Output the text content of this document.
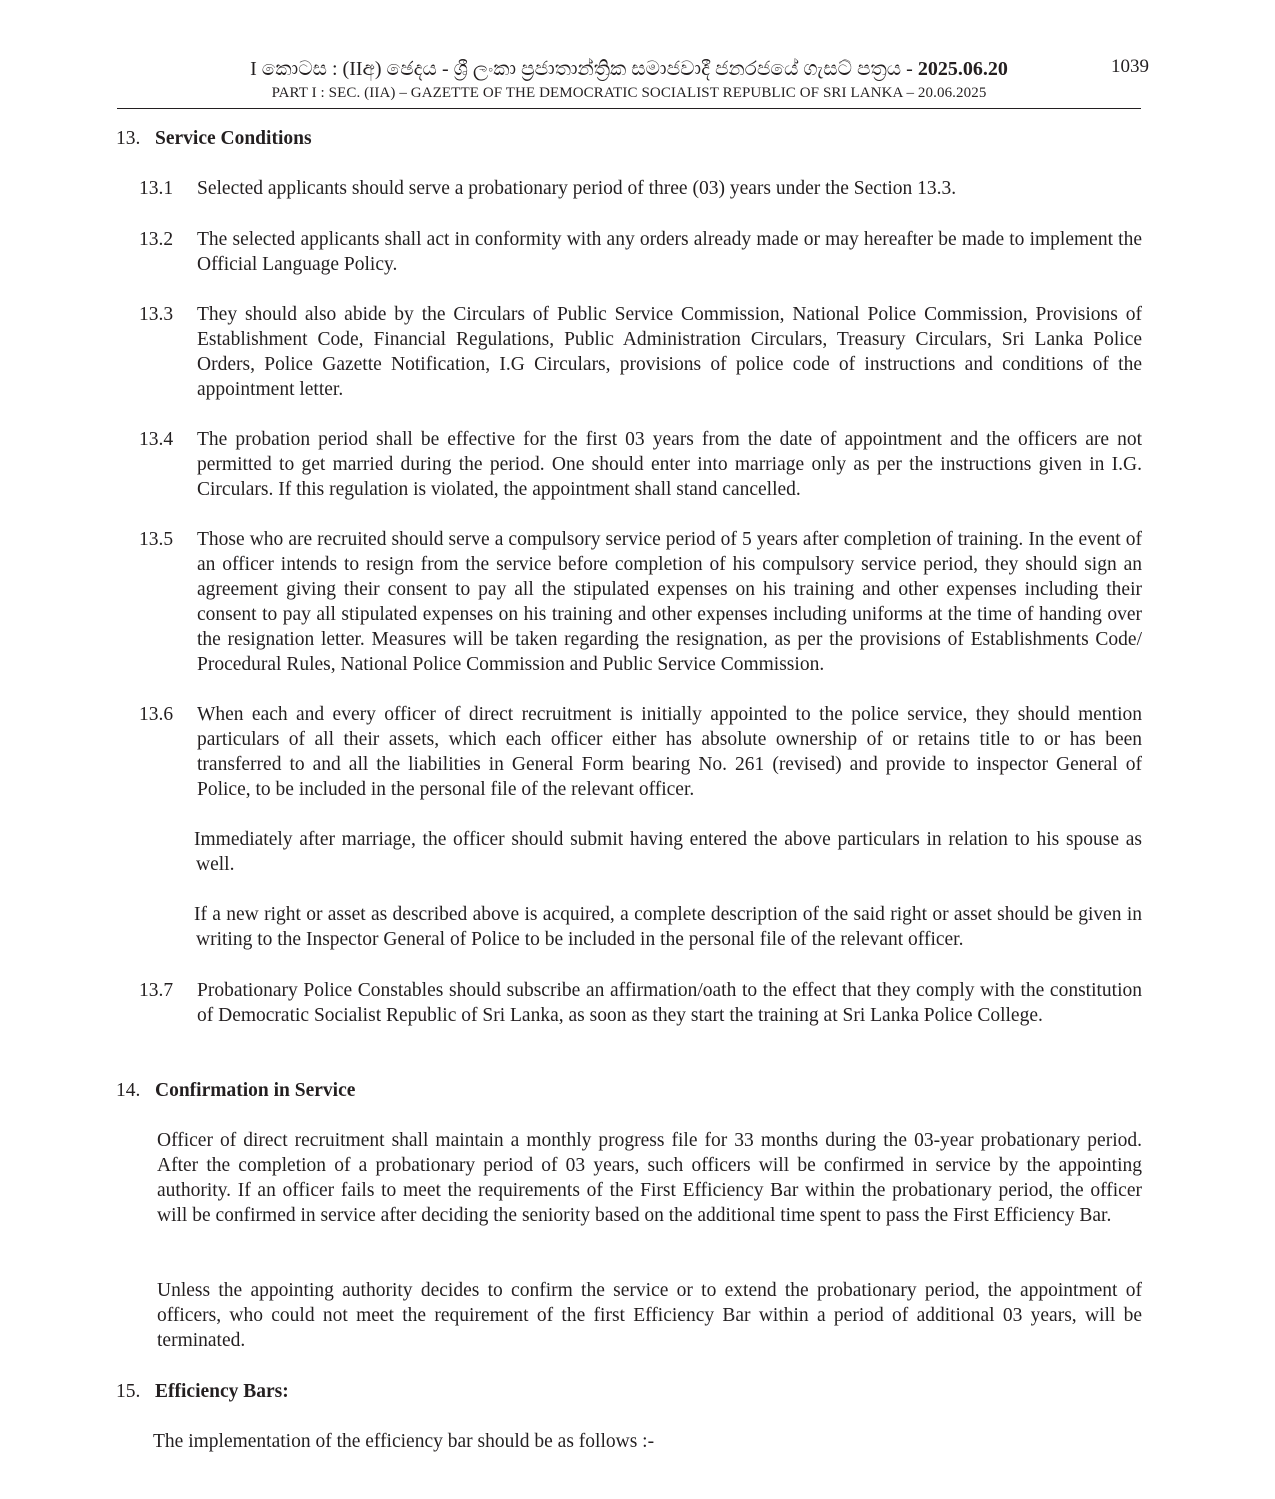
I කොටස : (IIඅ) ඡෙදය - ශ්‍රී ලංකා ප්‍රජාතාන්ත්‍රික සමාජවාදී ජනරජයේ ගැසට් පත්‍රය - 2025.06.20
PART I : SEC. (IIA) – GAZETTE OF THE DEMOCRATIC SOCIALIST REPUBLIC OF SRI LANKA – 20.06.2025
1039
13. Service Conditions
13.1 Selected applicants should serve a probationary period of three (03) years under the Section 13.3.
13.2 The selected applicants shall act in conformity with any orders already made or may hereafter be made to implement the Official Language Policy.
13.3 They should also abide by the Circulars of Public Service Commission, National Police Commission, Provisions of Establishment Code, Financial Regulations, Public Administration Circulars, Treasury Circulars, Sri Lanka Police Orders, Police Gazette Notification, I.G Circulars, provisions of police code of instructions and conditions of the appointment letter.
13.4 The probation period shall be effective for the first 03 years from the date of appointment and the officers are not permitted to get married during the period. One should enter into marriage only as per the instructions given in I.G. Circulars. If this regulation is violated, the appointment shall stand cancelled.
13.5 Those who are recruited should serve a compulsory service period of 5 years after completion of training. In the event of an officer intends to resign from the service before completion of his compulsory service period, they should sign an agreement giving their consent to pay all the stipulated expenses on his training and other expenses including their consent to pay all stipulated expenses on his training and other expenses including uniforms at the time of handing over the resignation letter. Measures will be taken regarding the resignation, as per the provisions of Establishments Code/ Procedural Rules, National Police Commission and Public Service Commission.
13.6 When each and every officer of direct recruitment is initially appointed to the police service, they should mention particulars of all their assets, which each officer either has absolute ownership of or retains title to or has been transferred to and all the liabilities in General Form bearing No. 261 (revised) and provide to inspector General of Police, to be included in the personal file of the relevant officer.
Immediately after marriage, the officer should submit having entered the above particulars in relation to his spouse as well.
If a new right or asset as described above is acquired, a complete description of the said right or asset should be given in writing to the Inspector General of Police to be included in the personal file of the relevant officer.
13.7 Probationary Police Constables should subscribe an affirmation/oath to the effect that they comply with the constitution of Democratic Socialist Republic of Sri Lanka, as soon as they start the training at Sri Lanka Police College.
14. Confirmation in Service
Officer of direct recruitment shall maintain a monthly progress file for 33 months during the 03-year probationary period. After the completion of a probationary period of 03 years, such officers will be confirmed in service by the appointing authority. If an officer fails to meet the requirements of the First Efficiency Bar within the probationary period, the officer will be confirmed in service after deciding the seniority based on the additional time spent to pass the First Efficiency Bar.
Unless the appointing authority decides to confirm the service or to extend the probationary period, the appointment of officers, who could not meet the requirement of the first Efficiency Bar within a period of additional 03 years, will be terminated.
15. Efficiency Bars:
The implementation of the efficiency bar should be as follows :-
